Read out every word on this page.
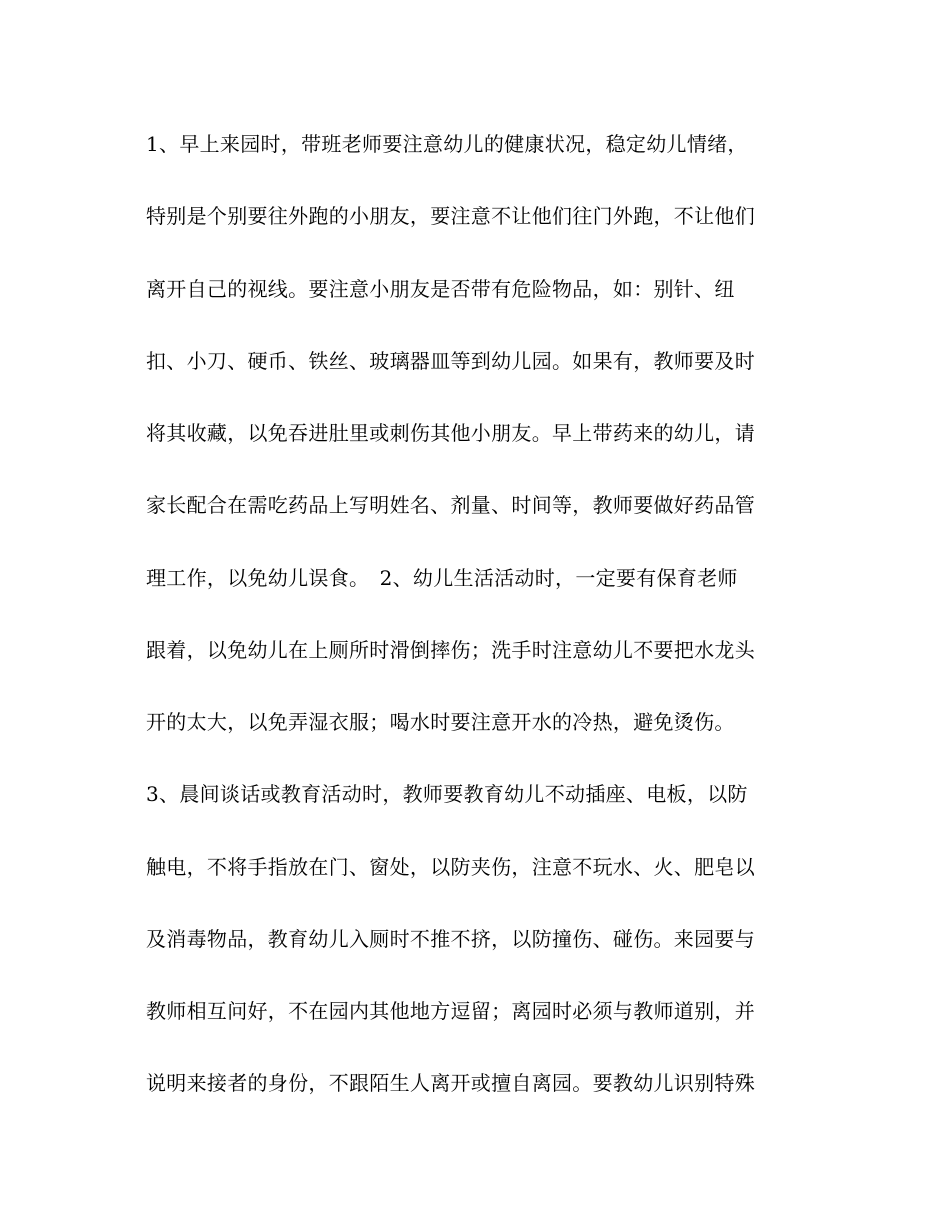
1、早上来园时，带班老师要注意幼儿的健康状况，稳定幼儿情绪，
特别是个别要往外跑的小朋友，要注意不让他们往门外跑，不让他们
离开自己的视线。要注意小朋友是否带有危险物品，如：别针、纽
扣、小刀、硬币、铁丝、玻璃器皿等到幼儿园。如果有，教师要及时
将其收藏，以免吞进肚里或刺伤其他小朋友。早上带药来的幼儿，请
家长配合在需吃药品上写明姓名、剂量、时间等，教师要做好药品管
理工作，以免幼儿误食。　2、幼儿生活活动时，一定要有保育老师
跟着，以免幼儿在上厕所时滑倒摔伤；洗手时注意幼儿不要把水龙头
开的太大，以免弄湿衣服；喝水时要注意开水的冷热，避免烫伤。
3、晨间谈话或教育活动时，教师要教育幼儿不动插座、电板，以防
触电，不将手指放在门、窗处，以防夹伤，注意不玩水、火、肥皂以
及消毒物品，教育幼儿入厕时不推不挤，以防撞伤、碰伤。来园要与
教师相互问好，不在园内其他地方逗留；离园时必须与教师道别，并
说明来接者的身份，不跟陌生人离开或擅自离园。要教幼儿识别特殊
